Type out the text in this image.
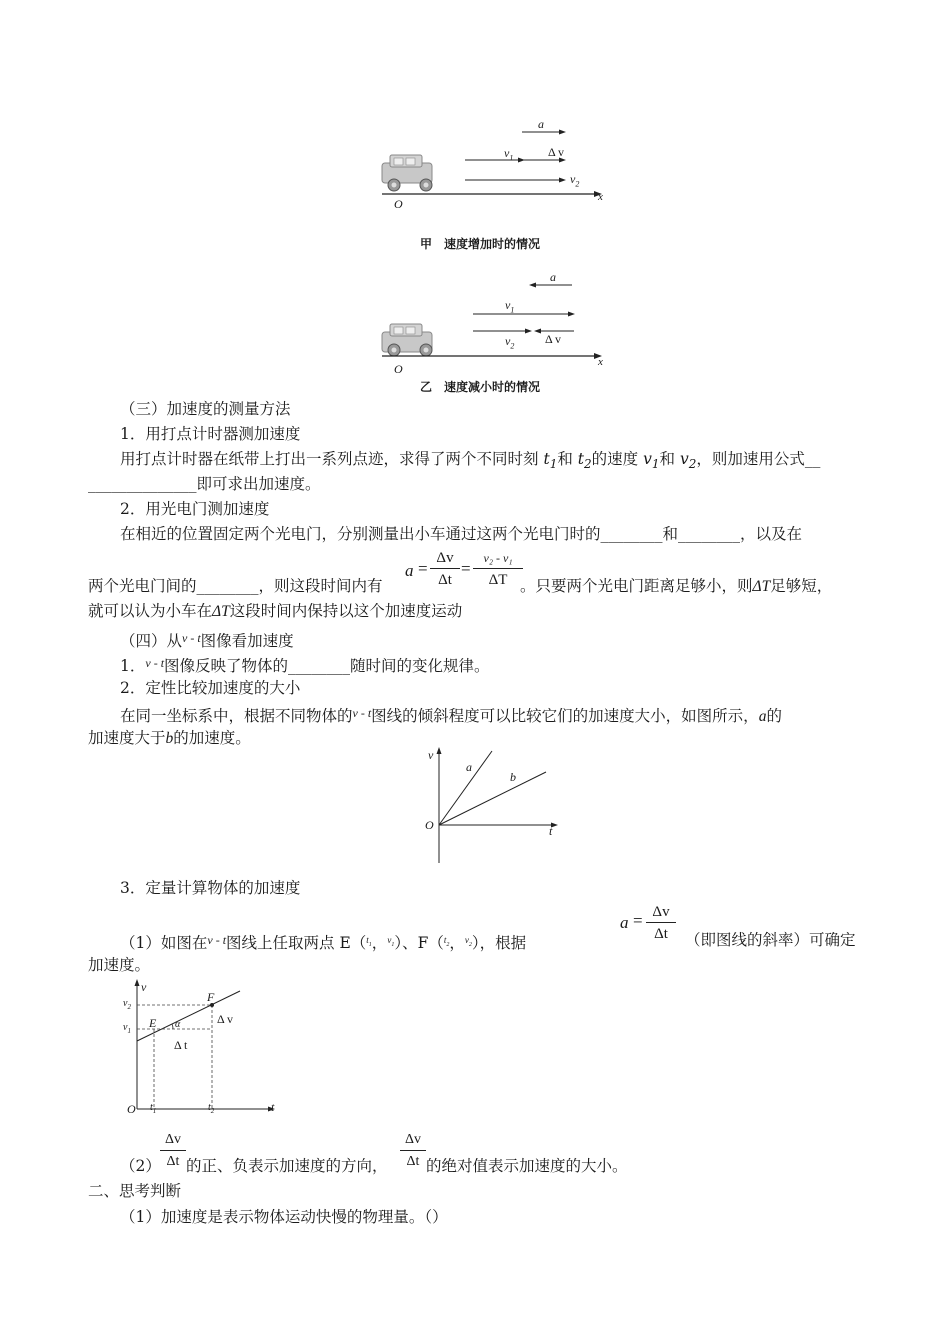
a
$v_1$	Δ v
$v_2$
O	x
甲　速度增加时的情况
a
$v_1$
$v_2$	Δ v
O	x
乙　速度减小时的情况
（三）加速度的测量方法
1．用打点计时器测加速度
用打点计时器在纸带上打出一系列点迹，求得了两个不同时刻 $t_1$和 $t_2$的速度 $v_1$和 $v_2$，则加速用公式__
______________即可求出加速度。
2．用光电门测加速度
在相近的位置固定两个光电门，分别测量出小车通过这两个光电门时的________和________，以及在
两个光电门间的________，则这段时间内有
$a = \frac{\Delta v}{\Delta t}$ =
v₂ - v₁
ΔT 。只要两个光电门距离足够小，则ΔT足够短，
就可以认为小车在ΔT这段时间内保持以这个加速度运动
（四）从$^{v - t}$图像看加速度
1．$^{v - t}$图像反映了物体的________随时间的变化规律。
2．定性比较加速度的大小
在同一坐标系中，根据不同物体的$^{v - t}$图线的倾斜程度可以比较它们的加速度大小，如图所示，a的
加速度大于b的加速度。
v
a
b
O	t
3．定量计算物体的加速度
（1）如图在$^{v - t}$图线上任取两点 E（$^{t_1}$，$^{v_1}$）、F（$^{t_2}$，$^{v_2}$），根据
$a = \frac{\Delta v}{\Delta t}$ （即图线的斜率）可确定
加速度。
v
$v_2$
$v_1$
F
E α	Δ v
Δ t
O $t_1$	$t_2$	t
$(2) \frac{\Delta v}{\Delta t}$ 的正、负表示加速度的方向， $\frac{\Delta v}{\Delta t}$ 的绝对值表示加速度的大小。
二、思考判断
（1）加速度是表示物体运动快慢的物理量。（）
